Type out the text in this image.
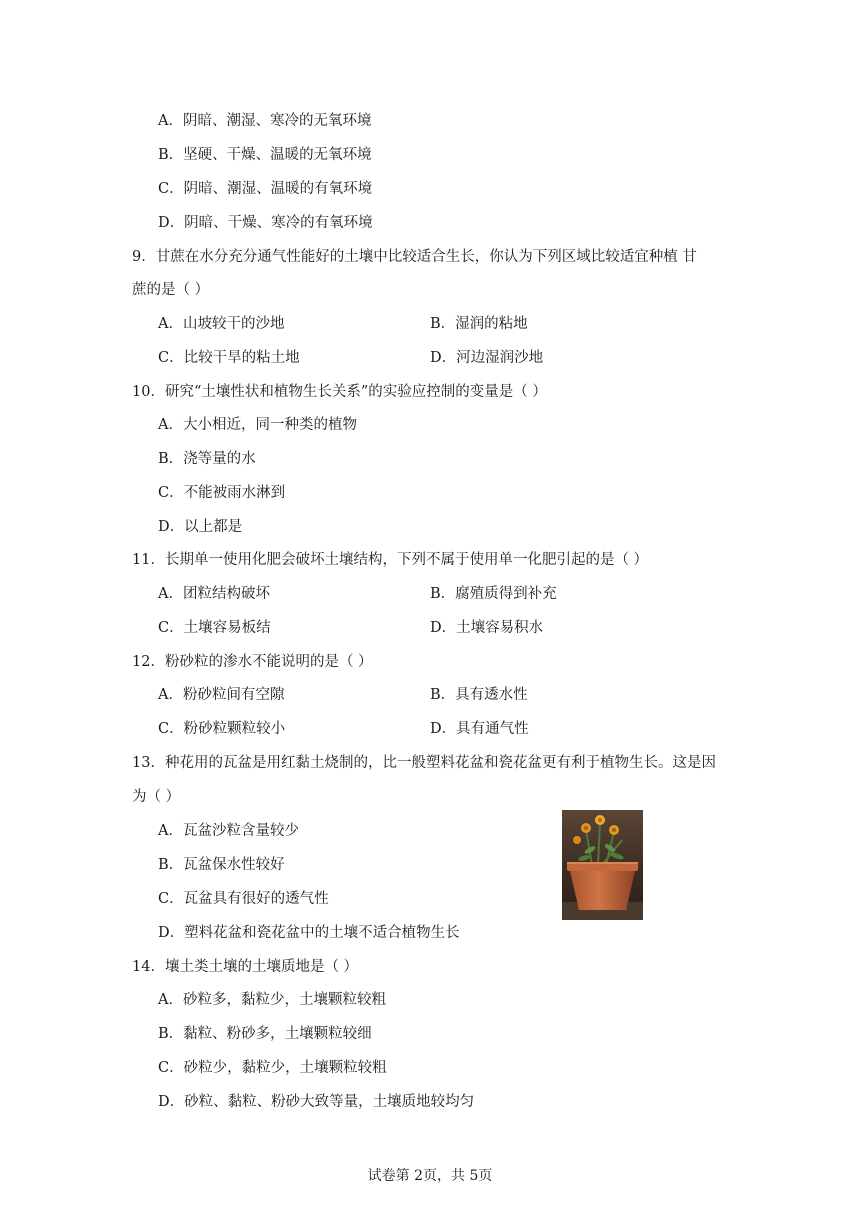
A．阴暗、潮湿、寒冷的无氧环境
B．坚硬、干燥、温暖的无氧环境
C．阴暗、潮湿、温暖的有氧环境
D．阴暗、干燥、寒冷的有氧环境
9．甘蔗在水分充分通气性能好的土壤中比较适合生长，你认为下列区域比较适宜种植 甘
蔗的是（ ）
A．山坡较干的沙地	B．湿润的粘地
C．比较干旱的粘土地	D．河边湿润沙地
10．研究“土壤性状和植物生长关系”的实验应控制的变量是（ ）
A．大小相近，同一种类的植物
B．浇等量的水
C．不能被雨水淋到
D．以上都是
11．长期单一使用化肥会破坏土壤结构，下列不属于使用单一化肥引起的是（ ）
A．团粒结构破坏	B．腐殖质得到补充
C．土壤容易板结	D．土壤容易积水
12．粉砂粒的渗水不能说明的是（ ）
A．粉砂粒间有空隙	B．具有透水性
C．粉砂粒颗粒较小	D．具有通气性
13．种花用的瓦盆是用红黏土烧制的，比一般塑料花盆和瓷花盆更有利于植物生长。这是因
为（ ）
A．瓦盆沙粒含量较少
B．瓦盆保水性较好
C．瓦盆具有很好的透气性
D．塑料花盆和瓷花盆中的土壤不适合植物生长
14．壤土类土壤的土壤质地是（ ）
A．砂粒多，黏粒少，土壤颗粒较粗
B．黏粒、粉砂多，土壤颗粒较细
C．砂粒少，黏粒少，土壤颗粒较粗
D．砂粒、黏粒、粉砂大致等量，土壤质地较均匀
试卷第 2页，共 5页
